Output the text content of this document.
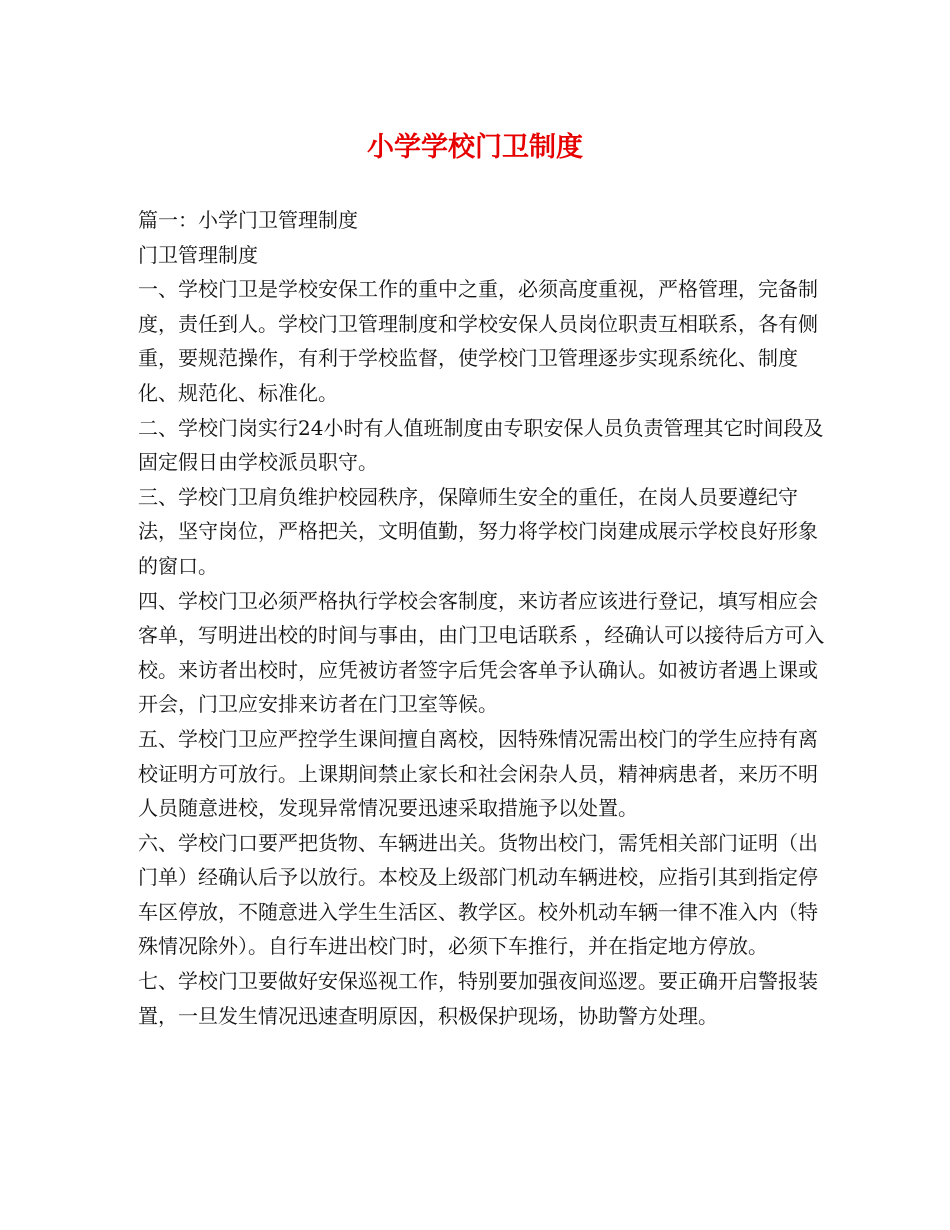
小学学校门卫制度

篇一：小学门卫管理制度

门卫管理制度

一、学校门卫是学校安保工作的重中之重，必须高度重视，严格管理，完备制度，责任到人。学校门卫管理制度和学校安保人员岗位职责互相联系，各有侧重，要规范操作，有利于学校监督，使学校门卫管理逐步实现系统化、制度化、规范化、标准化。

二、学校门岗实行24小时有人值班制度由专职安保人员负责管理其它时间段及固定假日由学校派员职守。

三、学校门卫肩负维护校园秩序，保障师生安全的重任，在岗人员要遵纪守法，坚守岗位，严格把关，文明值勤，努力将学校门岗建成展示学校良好形象的窗口。

四、学校门卫必须严格执行学校会客制度，来访者应该进行登记，填写相应会客单，写明进出校的时间与事由，由门卫电话联系 ，经确认可以接待后方可入校。来访者出校时，应凭被访者签字后凭会客单予认确认。如被访者遇上课或开会，门卫应安排来访者在门卫室等候。

五、学校门卫应严控学生课间擅自离校，因特殊情况需出校门的学生应持有离校证明方可放行。上课期间禁止家长和社会闲杂人员，精神病患者，来历不明人员随意进校，发现异常情况要迅速采取措施予以处置。

六、学校门口要严把货物、车辆进出关。货物出校门，需凭相关部门证明（出门单）经确认后予以放行。本校及上级部门机动车辆进校，应指引其到指定停车区停放，不随意进入学生生活区、教学区。校外机动车辆一律不准入内（特殊情况除外）。自行车进出校门时，必须下车推行，并在指定地方停放。

七、学校门卫要做好安保巡视工作，特别要加强夜间巡逻。要正确开启警报装置，一旦发生情况迅速查明原因，积极保护现场，协助警方处理。
